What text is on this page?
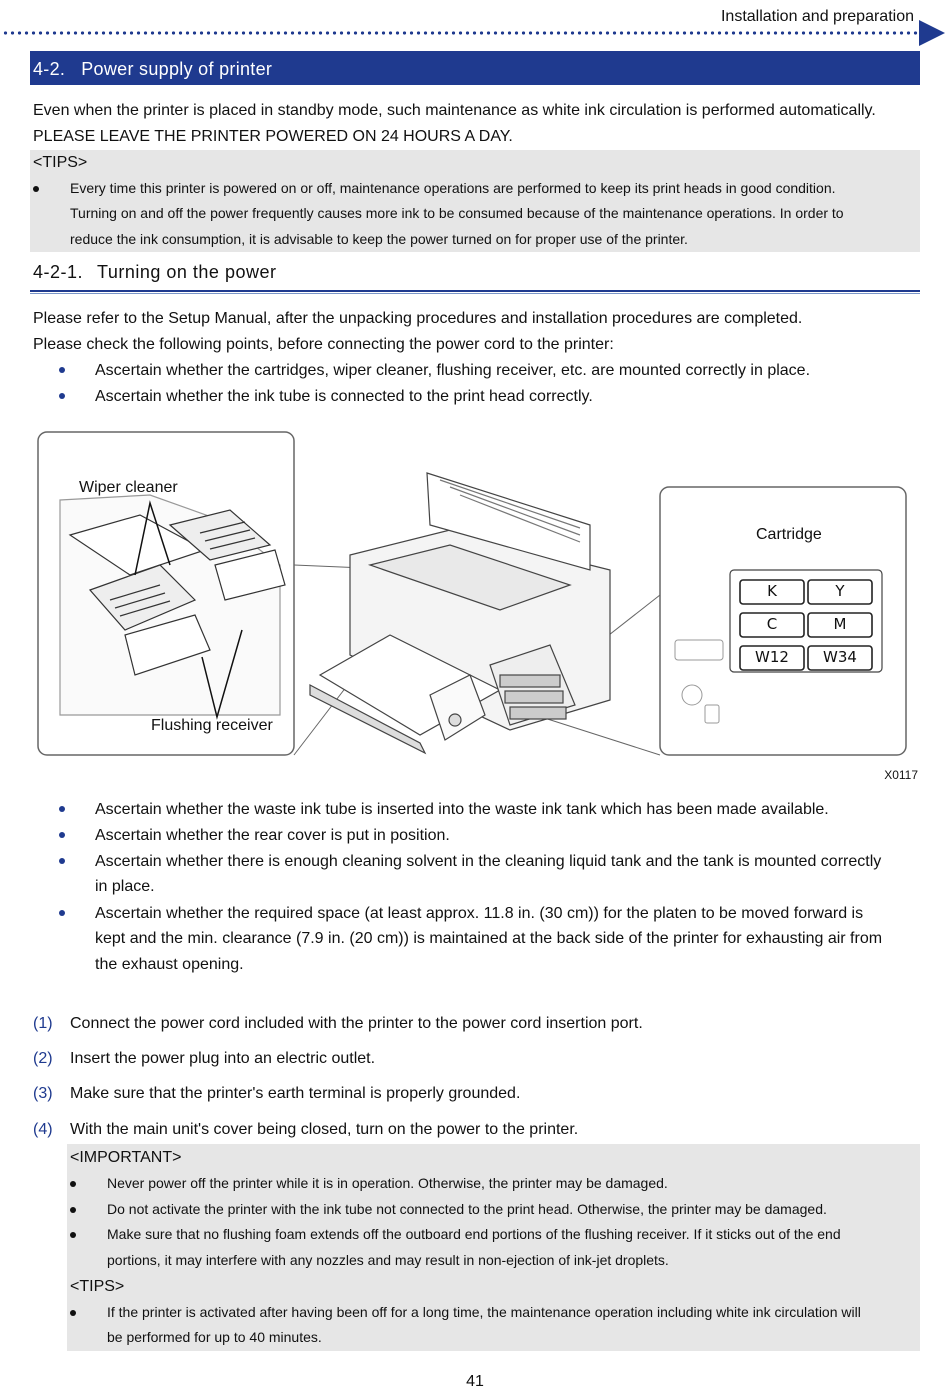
Installation and preparation
4-2. Power supply of printer
Even when the printer is placed in standby mode, such maintenance as white ink circulation is performed automatically.
PLEASE LEAVE THE PRINTER POWERED ON 24 HOURS A DAY.
<TIPS>
Every time this printer is powered on or off, maintenance operations are performed to keep its print heads in good condition.
Turning on and off the power frequently causes more ink to be consumed because of the maintenance operations. In order to
reduce the ink consumption, it is advisable to keep the power turned on for proper use of the printer.
4-2-1. Turning on the power
Please refer to the Setup Manual, after the unpacking procedures and installation procedures are completed.
Please check the following points, before connecting the power cord to the printer:
Ascertain whether the cartridges, wiper cleaner, flushing receiver, etc. are mounted correctly in place.
Ascertain whether the ink tube is connected to the print head correctly.
Wiper cleaner
Flushing receiver
Cartridge
K	Y
C	M
W12	W34
X0117
Ascertain whether the waste ink tube is inserted into the waste ink tank which has been made available.
Ascertain whether the rear cover is put in position.
Ascertain whether there is enough cleaning solvent in the cleaning liquid tank and the tank is mounted correctly
in place.
Ascertain whether the required space (at least approx. 11.8 in. (30 cm)) for the platen to be moved forward is
kept and the min. clearance (7.9 in. (20 cm)) is maintained at the back side of the printer for exhausting air from
the exhaust opening.
(1) Connect the power cord included with the printer to the power cord insertion port.
(2) Insert the power plug into an electric outlet.
(3) Make sure that the printer's earth terminal is properly grounded.
(4) With the main unit's cover being closed, turn on the power to the printer.
<IMPORTANT>
Never power off the printer while it is in operation. Otherwise, the printer may be damaged.
Do not activate the printer with the ink tube not connected to the print head. Otherwise, the printer may be damaged.
Make sure that no flushing foam extends off the outboard end portions of the flushing receiver. If it sticks out of the end
portions, it may interfere with any nozzles and may result in non-ejection of ink-jet droplets.
<TIPS>
If the printer is activated after having been off for a long time, the maintenance operation including white ink circulation will
be performed for up to 40 minutes.
41
